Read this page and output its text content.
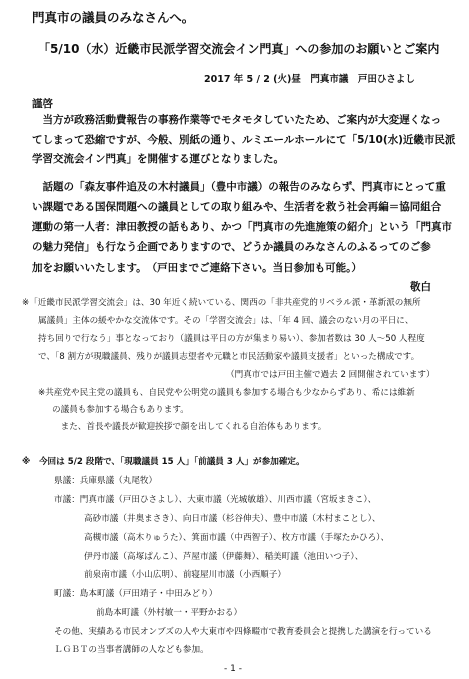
門真市の議員のみなさんへ。
「5/10（水）近畿市民派学習交流会イン門真」への参加のお願いとご案内
2017 年 5 / 2 (火)昼　門真市議　戸田ひさよし
謹啓
　当方が政務活動費報告の事務作業等でモタモタしていたため、ご案内が大変遅くなっ
てしまって恐縮ですが、今般、別紙の通り、ルミエールホールにて「5/10(水)近畿市民派
学習交流会イン門真」を開催する運びとなりました。
　話題の「森友事件追及の木村議員」（豊中市議）の報告のみならず、門真市にとって重
い課題である国保問題への議員としての取り組みや、生活者を救う社会再編＝協同組合
運動の第一人者：津田教授の話もあり、かつ「門真市の先進施策の紹介」という「門真市
の魅力発信」も行なう企画でありますので、どうか議員のみなさんのふるってのご参
加をお願いいたします。　（戸田までご連絡下さい。当日参加も可能。）
敬白
※「近畿市民派学習交流会」は、30 年近く続いている、関西の「非共産党的リベラル派・革新派の無所
属議員」主体の緩やかな交流体です。その「学習交流会」は、「年 4 回、議会のない月の平日に、
持ち回りで行なう」事となっており（議員は平日の方が集まり易い）、参加者数は 30 人～50 人程度
で、「8 割方が現職議員、残りが議員志望者や元職と市民活動家や議員支援者」といった構成です。
（門真市では戸田主催で過去 2 回開催されています）
※共産党や民主党の議員も、自民党や公明党の議員も参加する場合も少なからずあり、希には維新
の議員も参加する場合もあります。
　また、首長や議長が歓迎挨拶で顔を出してくれる自治体もあります。
※　今回は 5/2 段階で、「現職議員 15 人」「前議員 3 人」が参加確定。
県議：兵庫県議（丸尾牧）
市議：門真市議（戸田ひさよし）、大東市議（光城敏雄）、川西市議（宮坂まきこ）、
高砂市議（井奥まさき）、向日市議（杉谷伸夫）、豊中市議（木村まことし）、
高槻市議（高木りゅうた）、箕面市議（中西智子）、枚方市議（手塚たかひろ）、
伊丹市議（高塚ぱんこ）、芦屋市議（伊藤舞）、稲美町議（池田いつ子）、
前泉南市議（小山広明）、前寝屋川市議（小西順子）
町議：島本町議（戸田靖子・中田みどり）
前島本町議（外村敏一・平野かおる）
その他、実績ある市民オンブズの人や大東市や四條畷市で教育委員会と提携した講演を行っている
ＬＧＢＴの当事者講師の人なども参加。
- 1 -
